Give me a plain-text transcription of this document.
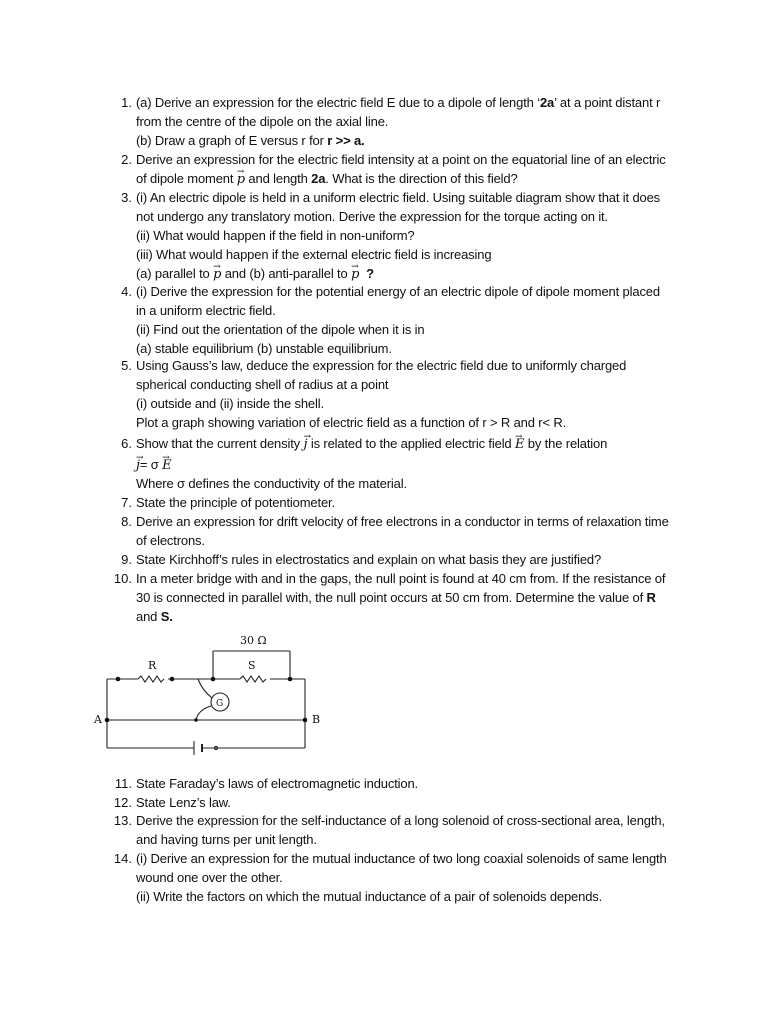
1. (a) Derive an expression for the electric field E due to a dipole of length ‘2a’ at a point distant r
from the centre of the dipole on the axial line.
(b) Draw a graph of E versus r for r >> a.
2. Derive an expression for the electric field intensity at a point on the equatorial line of an electric
of dipole moment → p and length 2a. What is the direction of this field?
3. (i) An electric dipole is held in a uniform electric field. Using suitable diagram show that it does
not undergo any translatory motion. Derive the expression for the torque acting on it.
(ii) What would happen if the field in non-uniform?
(iii) What would happen if the external electric field is increasing
(a) parallel to → p and (b) anti-parallel to → p ?
4. (i) Derive the expression for the potential energy of an electric dipole of dipole moment placed
in a uniform electric field.
(ii) Find out the orientation of the dipole when it is in
(a) stable equilibrium (b) unstable equilibrium.
5. Using Gauss’s law, deduce the expression for the electric field due to uniformly charged
spherical conducting shell of radius at a point
(i) outside and (ii) inside the shell.
Plot a graph showing variation of electric field as a function of r > R and r< R.
6. Show that the current density → j is related to the applied electric field → E by the relation
→ j= σ → E
Where σ defines the conductivity of the material.
7. State the principle of potentiometer.
8. Derive an expression for drift velocity of free electrons in a conductor in terms of relaxation time
of electrons.
9. State Kirchhoff’s rules in electrostatics and explain on what basis they are justified?
10. In a meter bridge with and in the gaps, the null point is found at 40 cm from. If the resistance of
30 is connected in parallel with, the null point occurs at 50 cm from. Determine the value of R
and S.
11. State Faraday’s laws of electromagnetic induction.
12. State Lenz’s law.
13. Derive the expression for the self-inductance of a long solenoid of cross-sectional area, length,
and having turns per unit length.
14. (i) Derive an expression for the mutual inductance of two long coaxial solenoids of same length
wound one over the other.
(ii) Write the factors on which the mutual inductance of a pair of solenoids depends.
R	S
30 Ω
G
A	B
